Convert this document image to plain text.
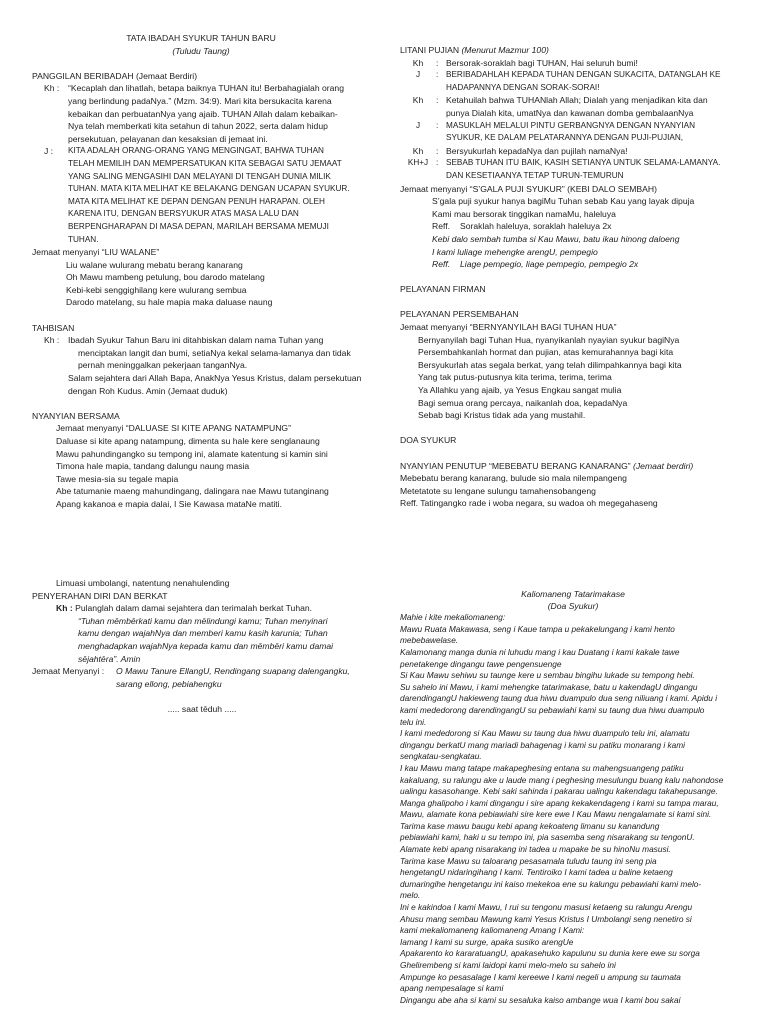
TATA IBADAH SYUKUR TAHUN BARU

(Tuludu Taung)

PANGGILAN BERIBADAH (Jemaat Berdiri)

Kh :	“Kecaplah dan lihatlah, betapa baiknya TUHAN itu! Berbahagialah orang

yang berlindung padaNya.” (Mzm. 34:9). Mari kita bersukacita karena

kebaikan dan perbuatanNya yang ajaib. TUHAN Allah dalam kebaikan-

Nya telah memberkati kita setahun di tahun 2022, serta dalam hidup

persekutuan, pelayanan dan kesaksian di jemaat ini.

J :	KITA ADALAH ORANG-ORANG YANG MENGINGAT, BAHWA TUHAN

TELAH MEMILIH DAN MEMPERSATUKAN KITA SEBAGAI SATU JEMAAT

YANG SALING MENGASIHI DAN MELAYANI DI TENGAH DUNIA MILIK

TUHAN. MATA KITA MELIHAT KE BELAKANG DENGAN UCAPAN SYUKUR.

MATA KITA MELIHAT KE DEPAN DENGAN PENUH HARAPAN. OLEH

KARENA ITU, DENGAN BERSYUKUR ATAS MASA LALU DAN

BERPENGHARAPAN DI MASA DEPAN, MARILAH BERSAMA MEMUJI

TUHAN.

Jemaat menyanyi “LIU WALANE”

Liu walane wulurang mebatu berang kanarang

Oh Mawu mambeng petulung, bou darodo matelang

Kebi-kebi senggighilang kere wulurang sembua

Darodo matelang, su hale mapia maka daluase naung

TAHBISAN

Kh :	Ibadah Syukur Tahun Baru ini ditahbiskan dalam nama Tuhan yang

menciptakan langit dan bumi, setiaNya kekal selama-lamanya dan tidak

pernah meninggalkan pekerjaan tanganNya.

Salam sejahtera dari Allah Bapa, AnakNya Yesus Kristus, dalam persekutuan

dengan Roh Kudus. Amin (Jemaat duduk)

NYANYIAN BERSAMA

Jemaat menyanyi “DALUASE SI KITE APANG NATAMPUNG”

Daluase si kite apang natampung, dimenta su hale kere senglanaung

Mawu pahundingangko su tempong ini, alamate katentung si kamin sini

Timona hale mapia, tandang dalungu naung masia

Tawe mesia-sia su tegale mapia

Abe tatumanie maeng mahundingang, dalingara nae Mawu tutanginang

Apang kakanoa e mapia dalai, I Sie Kawasa mataNe matiti.

LITANI PUJIAN (Menurut Mazmur 100)

Kh	: Bersorak-soraklah bagi TUHAN, Hai seluruh bumi!

J	: BERIBADAHLAH KEPADA TUHAN DENGAN SUKACITA, DATANGLAH KE

HADAPANNYA DENGAN SORAK-SORAI!

Kh	: Ketahuilah bahwa TUHANlah Allah; Dialah yang menjadikan kita dan

punya Dialah kita, umatNya dan kawanan domba gembalaanNya

J	: MASUKLAH MELALUI PINTU GERBANGNYA DENGAN NYANYIAN

SYUKUR, KE DALAM PELATARANNYA DENGAN PUJI-PUJIAN,

Kh	: Bersyukurlah kepadaNya dan pujilah namaNya!

KH+J : SEBAB TUHAN ITU BAIK, KASIH SETIANYA UNTUK SELAMA-LAMANYA.

DAN KESETIAANYA TETAP TURUN-TEMURUN

Jemaat menyanyi “S’GALA PUJI SYUKUR” (KEBI DALO SEMBAH)

S’gala puji syukur hanya bagiMu Tuhan sebab Kau yang layak dipuja

Kami mau bersorak tinggikan namaMu, haleluya

Reff. Soraklah haleluya, soraklah haleluya 2x

Kebi dalo sembah tumba si Kau Mawu, batu ikau hinong daloeng

I kami luliage mehengke arengU, pempegio

Reff. Liage pempegio, liage pempegio, pempegio 2x

PELAYANAN FIRMAN

PELAYANAN PERSEMBAHAN

Jemaat menyanyi “BERNYANYILAH BAGI TUHAN HUA”

Bernyanyilah bagi Tuhan Hua, nyanyikanlah nyayian syukur bagiNya

Persembahkanlah hormat dan pujian, atas kemurahannya bagi kita

Bersyukurlah atas segala berkat, yang telah dilimpahkannya bagi kita

Yang tak putus-putusnya kita terima, terima, terima

Ya Allahku yang ajaib, ya Yesus Engkau sangat mulia

Bagi semua orang percaya, naikanlah doa, kepadaNya

Sebab bagi Kristus tidak ada yang mustahil.

DOA SYUKUR

NYANYIAN PENUTUP “MEBEBATU BERANG KANARANG” (Jemaat berdiri)

Mebebatu berang kanarang, bulude sio mala nilempangeng

Metetatote su lengane sulungu tamahensobangeng

Reff. Tatingangko rade i woba negara, su wadoa oh megegahaseng

Limuasi umbolangi, natentung nenahulending

PENYERAHAN DIRI DAN BERKAT

Kh : Pulanglah dalam damai sejahtera dan terimalah berkat Tuhan.

“Tuhan mēmbērkati kamu dan mēlindungi kamu; Tuhan menyinari

kamu dengan wajahNya dan memberi kamu kasih karunia; Tuhan

menghadapkan wajahNya kepada kamu dan mēmbēri kamu damai

sējahtēra”. Amin

Jemaat Menyanyi :	O Mawu Tanure EllangU, Rendingang suapang dalengangku,

sarang ellong, pebiahengku

..... saat tēduh .....

Kaliomaneng Tatarimakase

(Doa Syukur)

Mahie i kite mekaliomaneng:

Mawu Ruata Makawasa, seng i Kaue tampa u pekakelungang i kami hento

mebebawelase.

Kalamonang manga dunia ni luhudu mang i kau Duatang i kami kakale tawe

penetakenge dingangu tawe pengensuenge

Si Kau Mawu sehiwu su taunge kere u sembau bingihu lukade su tempong hebi.

Su sahelo ini Mawu, i kami mehengke tatarimakase, batu u kakendagU dingangu

darendingangU hakieweng taung dua hiwu duampulo dua seng niliuang i kami. Apidu i

kami mededorong darendingangU su pebawiahi kami su taung dua hiwu duampulo

telu ini.

I kami mededorong si Kau Mawu su taung dua hiwu duampulo telu ini, alamatu

dingangu berkatU mang mariadi bahagenag i kami su patiku monarang i kami

sengkatau-sengkatau.

I kau Mawu mang tatape makapeghesing entana su mahengsuangeng patiku

kakaluang, su ralungu ake u laude mang i peghesing mesulungu buang kalu nahondose

ualingu kasasohange. Kebi saki sahinda i pakarau ualingu kakendagu takahepusange.

Manga ghalipoho i kami dingangu i sire apang kekakendageng i kami su tampa marau,

Mawu, alamate kona pebiawiahi sire kere ewe I Kau Mawu nengalamate si kami sini.

Tarima kase mawu baugu kebi apang kekoateng limanu su kanandung

pebiawiahi kami, haki u su tempo ini, pia sasemba seng nisarakang su tengonU.

Alamate kebi apang nisarakang ini tadea u mapake be su hinoNu masusi.

Tarima kase Mawu su taloarang pesasamala tuludu taung ini seng pia

hengetangU nidaringihang I kami. Tentiroiko I kami tadea u baline ketaeng

dumaringihe hengetangu ini kaiso mekekoa ene su kalungu pebawiahi kami melo-

melo.

Ini e kakindoa I kami Mawu, I rui su tengonu masusi ketaeng su ralungu Arengu

Ahusu mang sembau Mawung kami Yesus Kristus I Umbolangi seng nenetiro si

kami mekaliomaneng kaliomaneng Amang I Kami:

Iamang I kami su surge, apaka susiko arengUe

Apakarento ko kararatuangU, apakasehuko kapulunu su dunia kere ewe su sorga

Ghelirembeng si kami laidopi kami melo-melo su sahelo ini

Ampunge ko pesasalage I kami kereewe I kami negeli u ampung su taumata

apang nempesalage si kami

Dingangu abe aha si kami su sesaluka kaiso ambange wua I kami bou sakai
